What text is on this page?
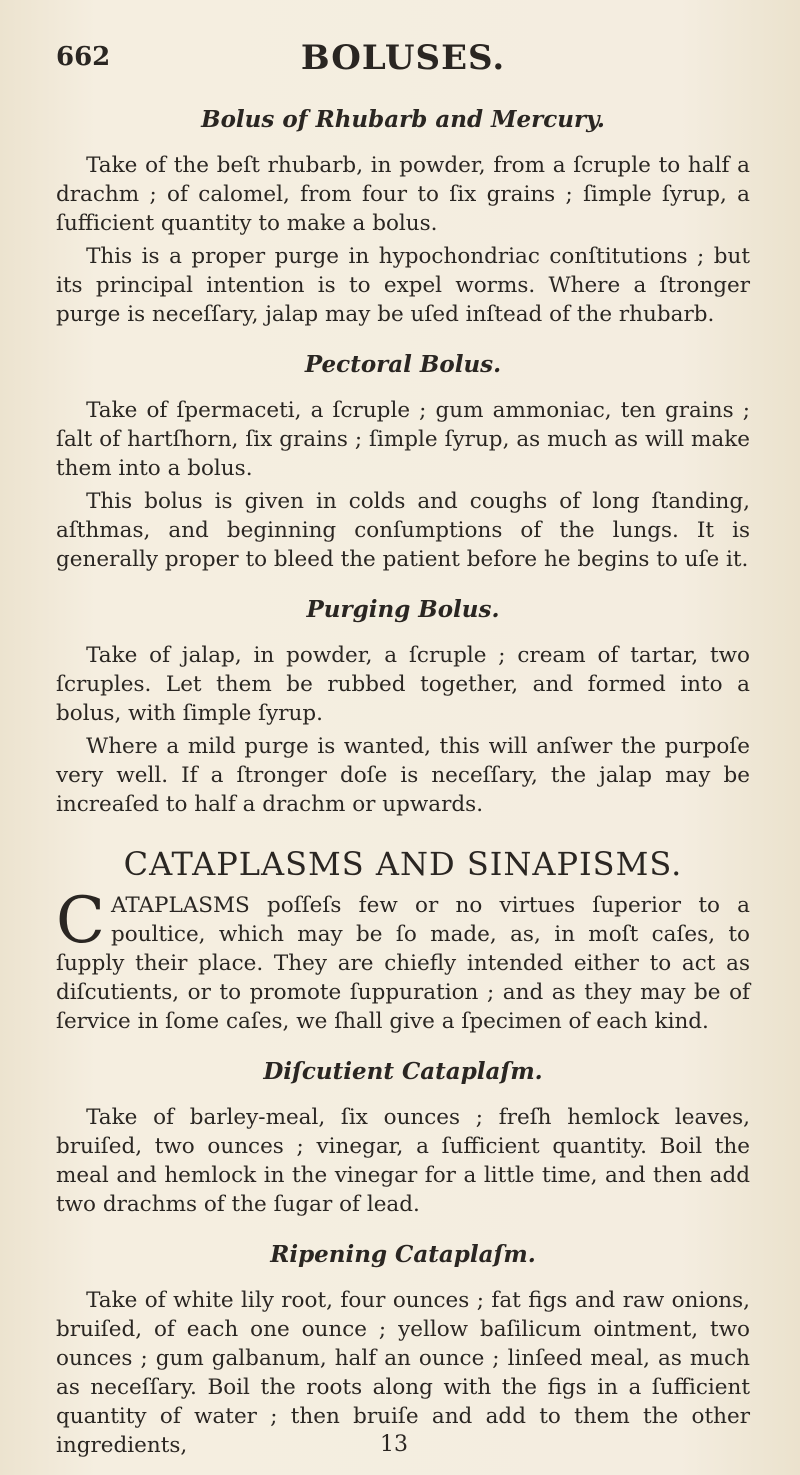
662	BOLUSES.
Bolus of Rhubarb and Mercury.

Take of the beſt rhubarb, in powder, from a ſcruple to half a drachm ; of calomel, from four to ſix grains ; ſimple ſyrup, a ſufficient quantity to make a bolus.

This is a proper purge in hypochondriac conſtitutions ; but its principal intention is to expel worms. Where a ſtronger purge is neceſſary, jalap may be uſed inſtead of the rhubarb.

Pectoral Bolus.

Take of ſpermaceti, a ſcruple ; gum ammoniac, ten grains ; ſalt of hartſhorn, ſix grains ; ſimple ſyrup, as much as will make them into a bolus.

This bolus is given in colds and coughs of long ſtanding, aſthmas, and beginning conſumptions of the lungs. It is generally proper to bleed the patient before he begins to uſe it.

Purging Bolus.

Take of jalap, in powder, a ſcruple ; cream of tartar, two ſcruples. Let them be rubbed together, and formed into a bolus, with ſimple ſyrup.

Where a mild purge is wanted, this will anſwer the purpoſe very well. If a ſtronger doſe is neceſſary, the jalap may be increaſed to half a drachm or upwards.

CATAPLASMS AND SINAPISMS.

CATAPLASMS poſſeſs few or no virtues ſuperior to a poultice, which may be ſo made, as, in moſt caſes, to ſupply their place. They are chiefly intended either to act as diſcutients, or to promote ſuppuration ; and as they may be of ſervice in ſome caſes, we ſhall give a ſpecimen of each kind.

Diſcutient Cataplaſm.

Take of barley-meal, ſix ounces ; freſh hemlock leaves, bruiſed, two ounces ; vinegar, a ſufficient quantity. Boil the meal and hemlock in the vinegar for a little time, and then add two drachms of the ſugar of lead.

Ripening Cataplaſm.

Take of white lily root, four ounces ; fat figs and raw onions, bruiſed, of each one ounce ; yellow baſilicum ointment, two ounces ; gum galbanum, half an ounce ; linſeed meal, as much as neceſſary. Boil the roots along with the figs in a ſufficient quantity of water ; then bruiſe and add to them the other ingredients,	13
